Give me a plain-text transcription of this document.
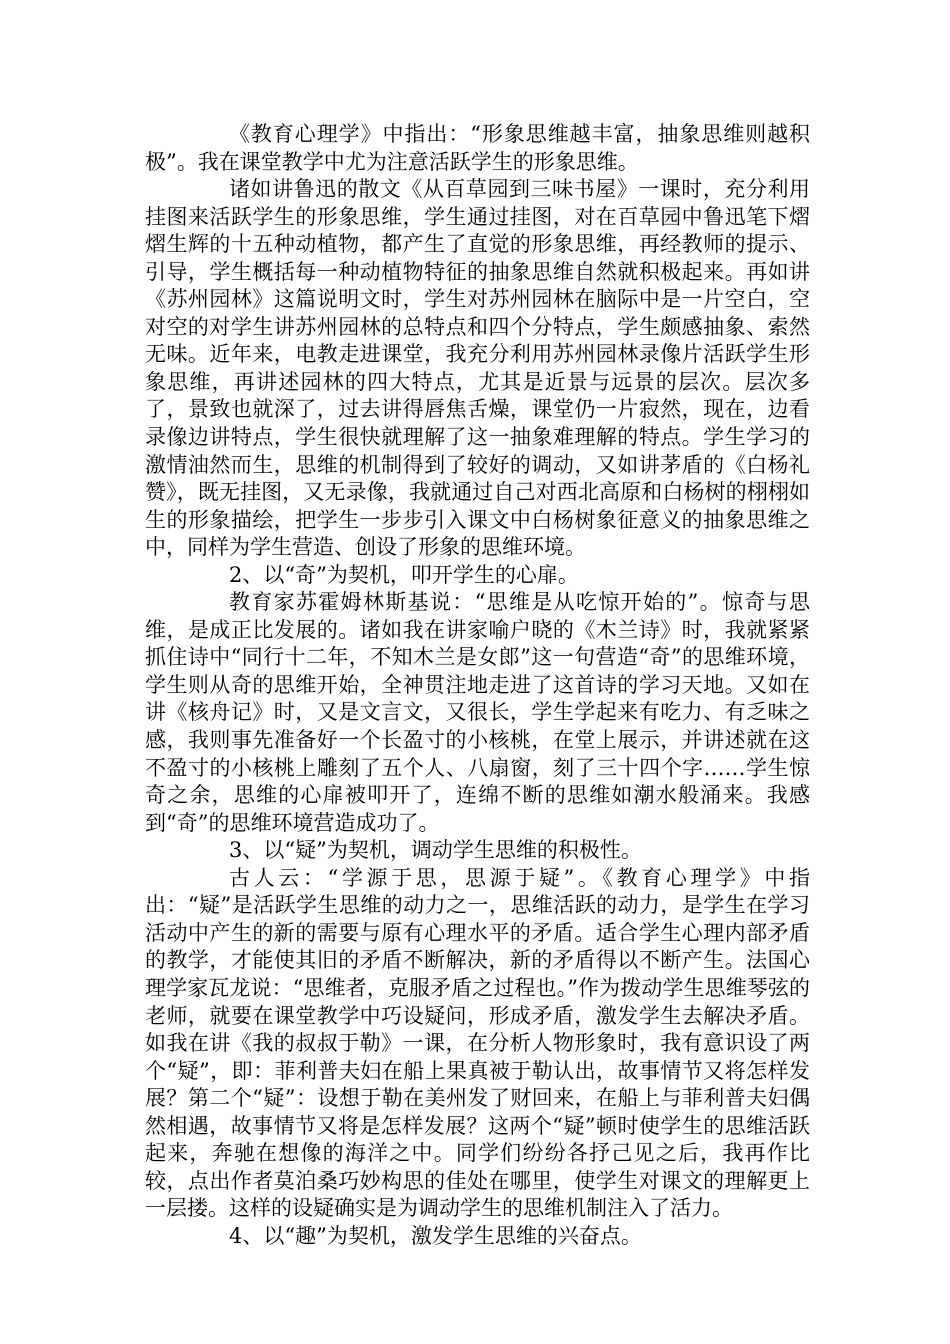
《教育心理学》中指出：“形象思维越丰富，抽象思维则越积极”。我在课堂教学中尤为注意活跃学生的形象思维。

诸如讲鲁迅的散文《从百草园到三味书屋》一课时，充分利用挂图来活跃学生的形象思维，学生通过挂图，对在百草园中鲁迅笔下熠熠生辉的十五种动植物，都产生了直觉的形象思维，再经教师的提示、引导，学生概括每一种动植物特征的抽象思维自然就积极起来。再如讲《苏州园林》这篇说明文时，学生对苏州园林在脑际中是一片空白，空对空的对学生讲苏州园林的总特点和四个分特点，学生颇感抽象、索然无味。近年来，电教走进课堂，我充分利用苏州园林录像片活跃学生形象思维，再讲述园林的四大特点，尤其是近景与远景的层次。层次多了，景致也就深了，过去讲得唇焦舌燥，课堂仍一片寂然，现在，边看录像边讲特点，学生很快就理解了这一抽象难理解的特点。学生学习的激情油然而生，思维的机制得到了较好的调动，又如讲茅盾的《白杨礼赞》，既无挂图，又无录像，我就通过自己对西北高原和白杨树的栩栩如生的形象描绘，把学生一步步引入课文中白杨树象征意义的抽象思维之中，同样为学生营造、创设了形象的思维环境。

2、以“奇”为契机，叩开学生的心扉。

教育家苏霍姆林斯基说：“思维是从吃惊开始的”。惊奇与思维，是成正比发展的。诸如我在讲家喻户晓的《木兰诗》时，我就紧紧抓住诗中“同行十二年，不知木兰是女郎”这一句营造“奇”的思维环境，学生则从奇的思维开始，全神贯注地走进了这首诗的学习天地。又如在讲《核舟记》时，又是文言文，又很长，学生学起来有吃力、有乏味之感，我则事先准备好一个长盈寸的小核桃，在堂上展示，并讲述就在这不盈寸的小核桃上雕刻了五个人、八扇窗，刻了三十四个字……学生惊奇之余，思维的心扉被叩开了，连绵不断的思维如潮水般涌来。我感到“奇”的思维环境营造成功了。

3、以“疑”为契机，调动学生思维的积极性。

古人云：“学源于思，思源于疑”。《教育心理学》中指出：“疑”是活跃学生思维的动力之一，思维活跃的动力，是学生在学习活动中产生的新的需要与原有心理水平的矛盾。适合学生心理内部矛盾的教学，才能使其旧的矛盾不断解决，新的矛盾得以不断产生。法国心理学家瓦龙说：“思维者，克服矛盾之过程也。”作为拨动学生思维琴弦的老师，就要在课堂教学中巧设疑问，形成矛盾，激发学生去解决矛盾。如我在讲《我的叔叔于勒》一课，在分析人物形象时，我有意识设了两个“疑”，即：菲利普夫妇在船上果真被于勒认出，故事情节又将怎样发展？第二个“疑”：设想于勒在美州发了财回来，在船上与菲利普夫妇偶然相遇，故事情节又将是怎样发展？这两个“疑”顿时使学生的思维活跃起来，奔驰在想像的海洋之中。同学们纷纷各抒己见之后，我再作比较，点出作者莫泊桑巧妙构思的佳处在哪里，使学生对课文的理解更上一层搂。这样的设疑确实是为调动学生的思维机制注入了活力。

4、以“趣”为契机，激发学生思维的兴奋点。
